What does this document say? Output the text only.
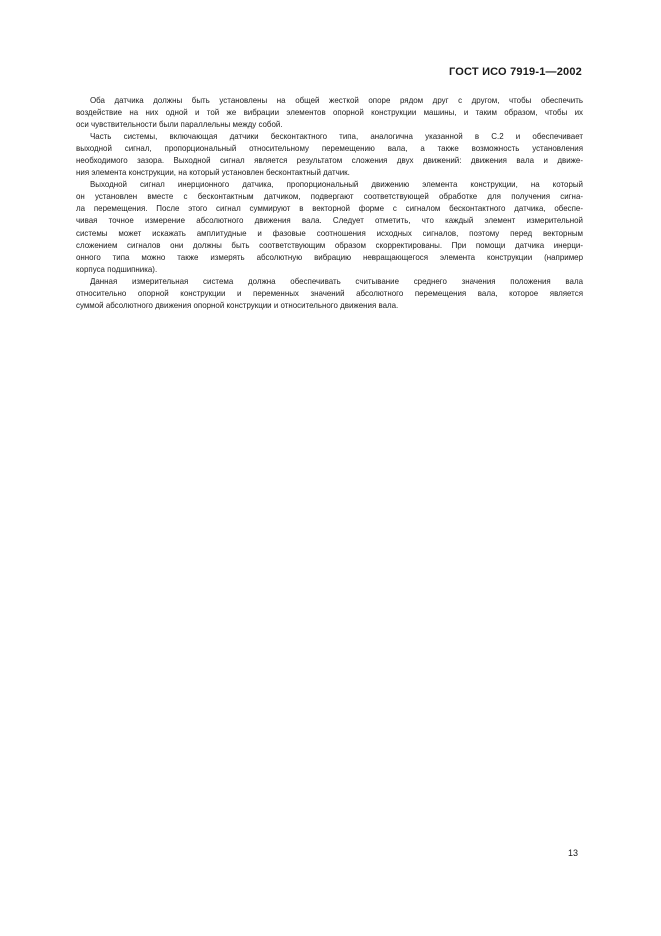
ГОСТ ИСО 7919-1—2002
Оба датчика должны быть установлены на общей жесткой опоре рядом друг с другом, чтобы обеспечить
воздействие на них одной и той же вибрации элементов опорной конструкции машины, и таким образом, чтобы их
оси чувствительности были параллельны между собой.
Часть системы, включающая датчики бесконтактного типа, аналогична указанной в С.2 и обеспечивает
выходной сигнал, пропорциональный относительному перемещению вала, а также возможность установления
необходимого зазора. Выходной сигнал является результатом сложения двух движений: движения вала и движе-
ния элемента конструкции, на который установлен бесконтактный датчик.
Выходной сигнал инерционного датчика, пропорциональный движению элемента конструкции, на который
он установлен вместе с бесконтактным датчиком, подвергают соответствующей обработке для получения сигна-
ла перемещения. После этого сигнал суммируют в векторной форме с сигналом бесконтактного датчика, обеспе-
чивая точное измерение абсолютного движения вала. Следует отметить, что каждый элемент измерительной
системы может искажать амплитудные и фазовые соотношения исходных сигналов, поэтому перед векторным
сложением сигналов они должны быть соответствующим образом скорректированы. При помощи датчика инерци-
онного типа можно также измерять абсолютную вибрацию невращающегося элемента конструкции (например
корпуса подшипника).
Данная измерительная система должна обеспечивать считывание среднего значения положения вала
относительно опорной конструкции и переменных значений абсолютного перемещения вала, которое является
суммой абсолютного движения опорной конструкции и относительного движения вала.
13
